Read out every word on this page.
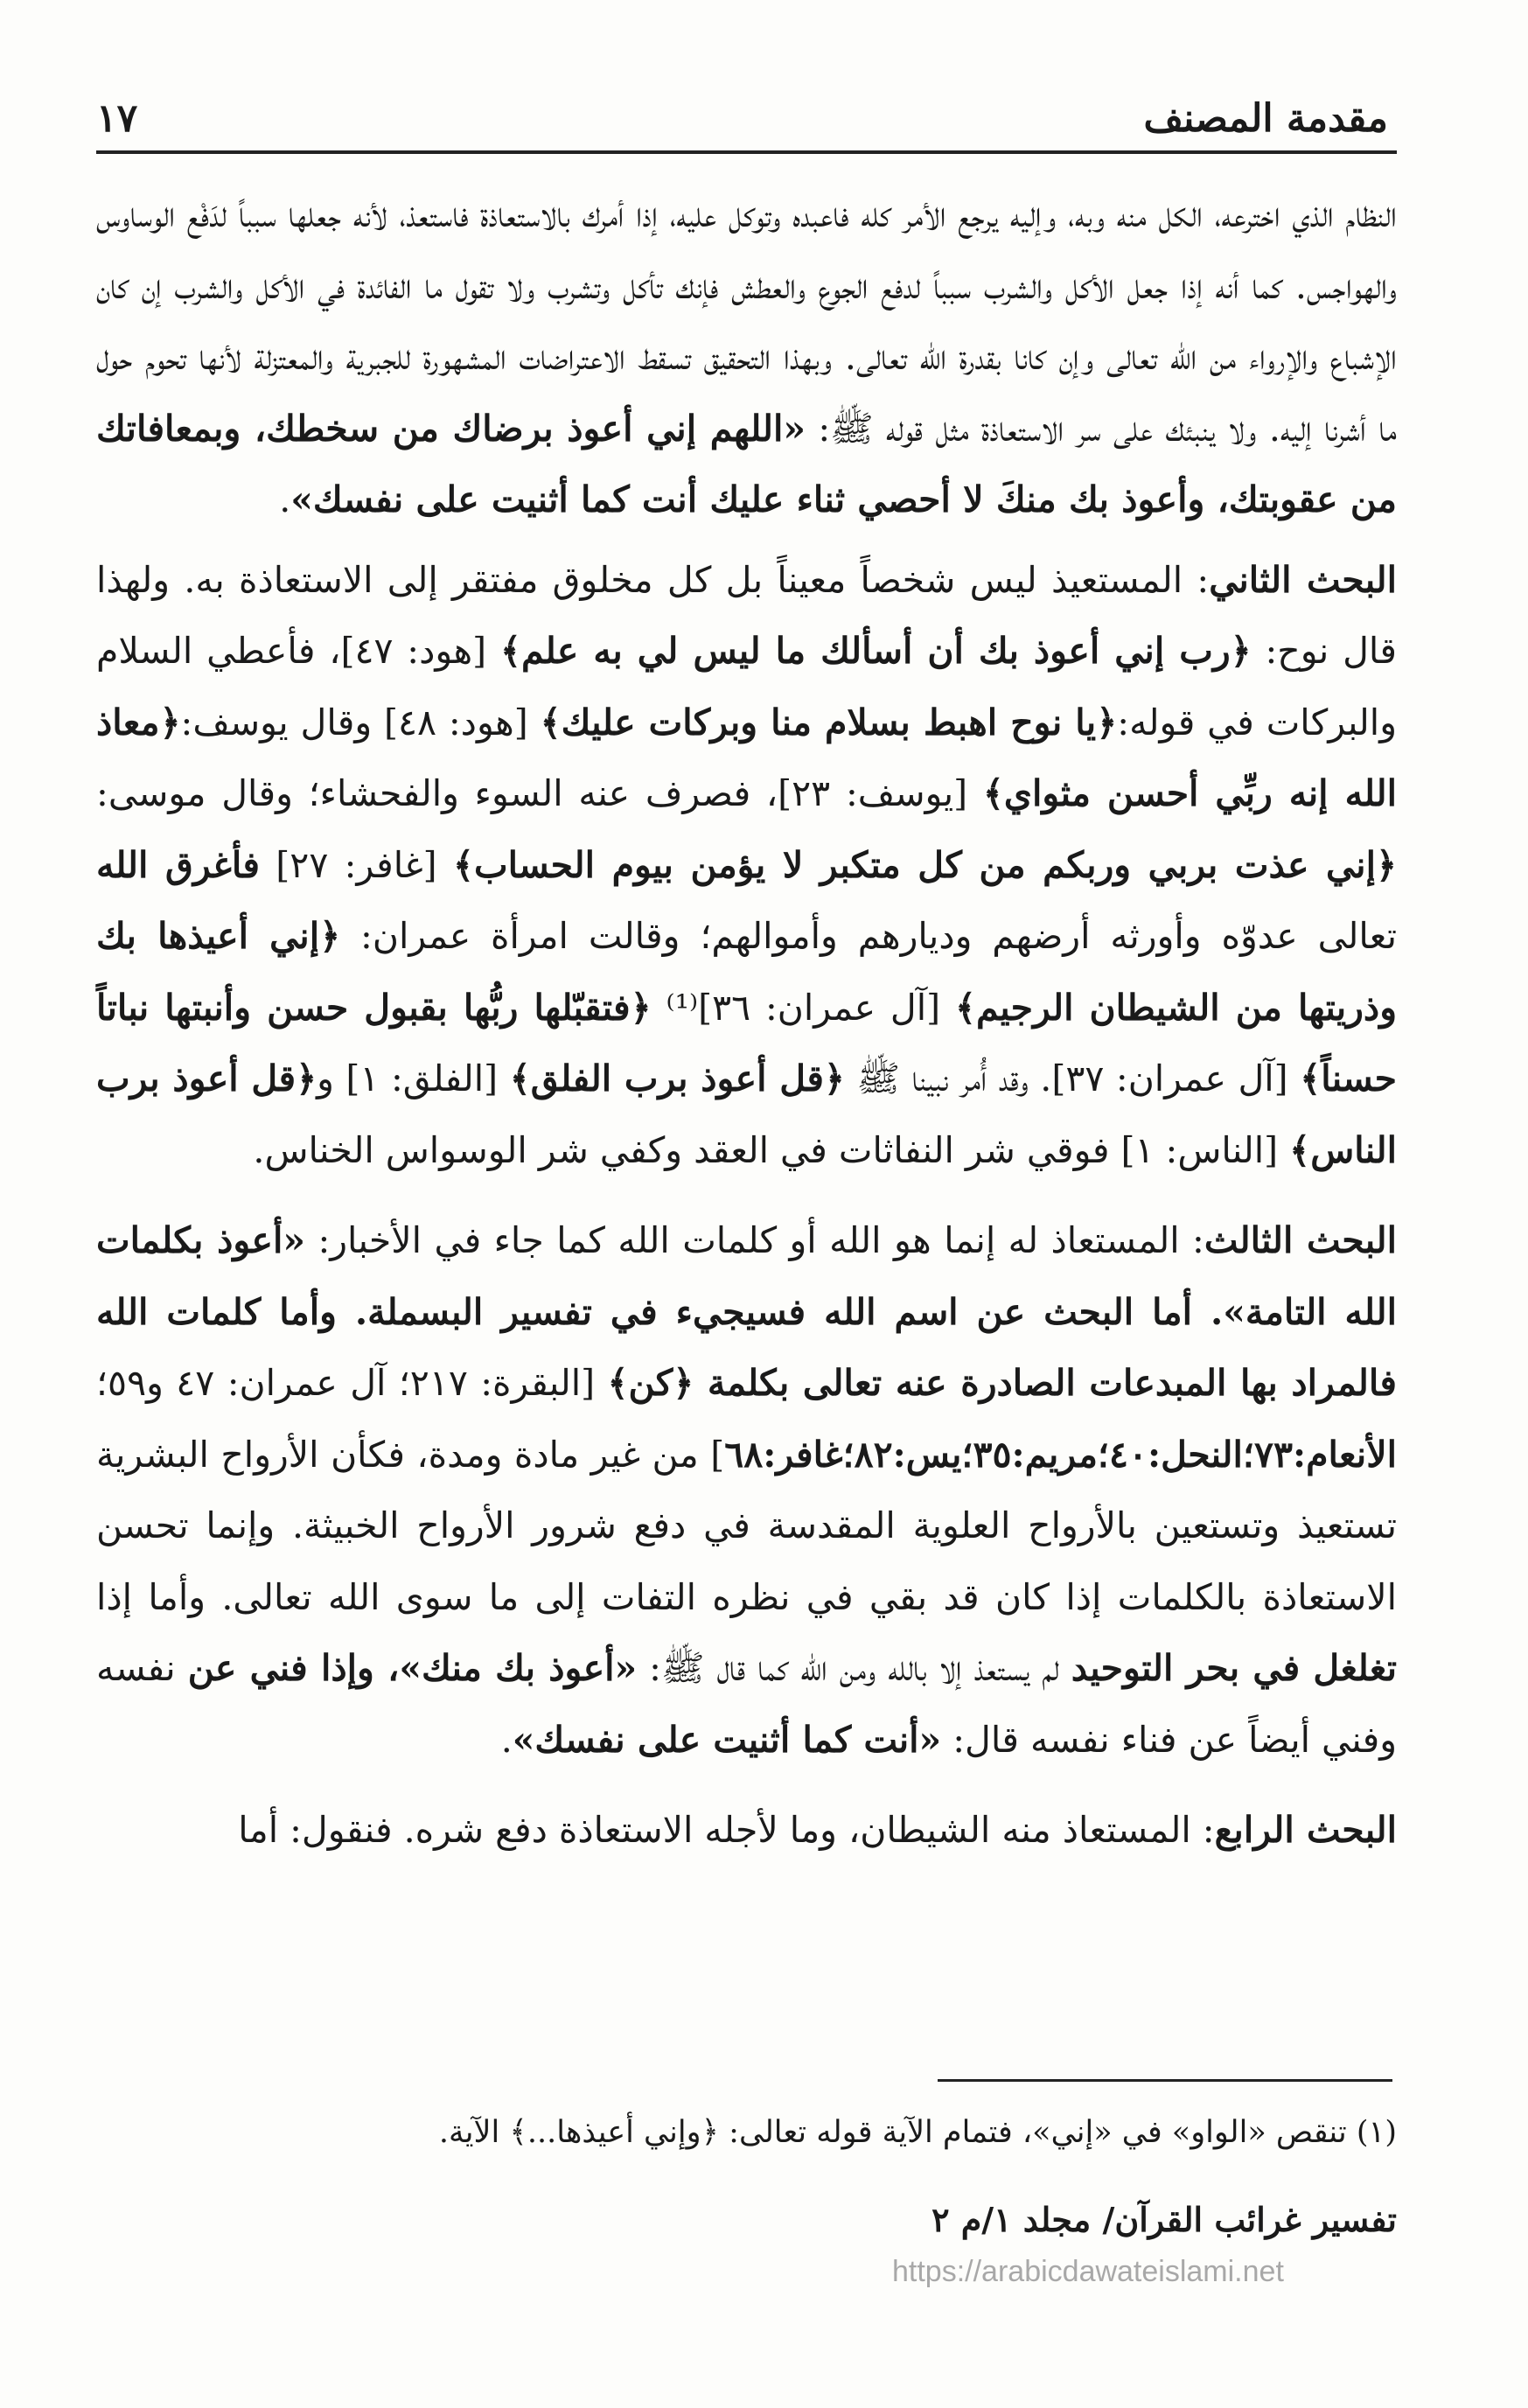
مقدمة المصنف
١٧

النظام الذي اخترعه، الكل منه وبه، وإليه يرجع الأمر كله فاعبده وتوكل عليه، إذا أمرك بالاستعاذة فاستعذ، لأنه جعلها سبباً لدَفْع الوساوس والهواجس. كما أنه إذا جعل الأكل والشرب سبباً لدفع الجوع والعطش فإنك تأكل وتشرب ولا تقول ما الفائدة في الأكل والشرب إن كان الإشباع والإرواء من الله تعالى وإن كانا بقدرة الله تعالى. وبهذا التحقيق تسقط الاعتراضات المشهورة للجبرية والمعتزلة لأنها تحوم حول ما أشرنا إليه. ولا ينبئك على سر الاستعاذة مثل قوله ﷺ: «اللهم إني أعوذ برضاك من سخطك، وبمعافاتك من عقوبتك، وأعوذ بك منكَ لا أحصي ثناء عليك أنت كما أثنيت على نفسك».

البحث الثاني: المستعيذ ليس شخصاً معيناً بل كل مخلوق مفتقر إلى الاستعاذة به. ولهذا قال نوح: ﴿رب إني أعوذ بك أن أسألك ما ليس لي به علم﴾ [هود: ٤٧]، فأعطي السلام والبركات في قوله:﴿يا نوح اهبط بسلام منا وبركات عليك﴾ [هود: ٤٨] وقال يوسف:﴿معاذ الله إنه ربِّي أحسن مثواي﴾ [يوسف: ٢٣]، فصرف عنه السوء والفحشاء؛ وقال موسى:﴿إني عذت بربي وربكم من كل متكبر لا يؤمن بيوم الحساب﴾ [غافر: ٢٧] فأغرق الله تعالى عدوّه وأورثه أرضهم وديارهم وأموالهم؛ وقالت امرأة عمران: ﴿إني أعيذها بك وذريتها من الشيطان الرجيم﴾ [آل عمران: ٣٦]⁽¹⁾ ﴿فتقبّلها ربُّها بقبول حسن وأنبتها نباتاً حسناً﴾ [آل عمران: ٣٧]. وقد أُمر نبينا ﷺ ﴿قل أعوذ برب الفلق﴾ [الفلق: ١] و﴿قل أعوذ برب الناس﴾ [الناس: ١] فوقي شر النفاثات في العقد وكفي شر الوسواس الخناس.

البحث الثالث: المستعاذ له إنما هو الله أو كلمات الله كما جاء في الأخبار: «أعوذ بكلمات الله التامة». أما البحث عن اسم الله فسيجيء في تفسير البسملة. وأما كلمات الله فالمراد بها المبدعات الصادرة عنه تعالى بكلمة ﴿كن﴾ [البقرة: ٢١٧؛ آل عمران: ٤٧ و٥٩؛ الأنعام:٧٣؛النحل:٤٠؛مريم:٣٥؛يس:٨٢؛غافر:٦٨] من غير مادة ومدة، فكأن الأرواح البشرية تستعيذ وتستعين بالأرواح العلوية المقدسة في دفع شرور الأرواح الخبيثة. وإنما تحسن الاستعاذة بالكلمات إذا كان قد بقي في نظره التفات إلى ما سوى الله تعالى. وأما إذا تغلغل في بحر التوحيد لم يستعذ إلا بالله ومن الله كما قال ﷺ: «أعوذ بك منك»، وإذا فني عن نفسه وفني أيضاً عن فناء نفسه قال: «أنت كما أثنيت على نفسك».

البحث الرابع: المستعاذ منه الشيطان، وما لأجله الاستعاذة دفع شره. فنقول: أما

(١) تنقص «الواو» في «إني»، فتمام الآية قوله تعالى: ﴿وإني أعيذها...﴾ الآية.

تفسير غرائب القرآن/ مجلد ١/م ٢
https://arabicdawateislami.net
